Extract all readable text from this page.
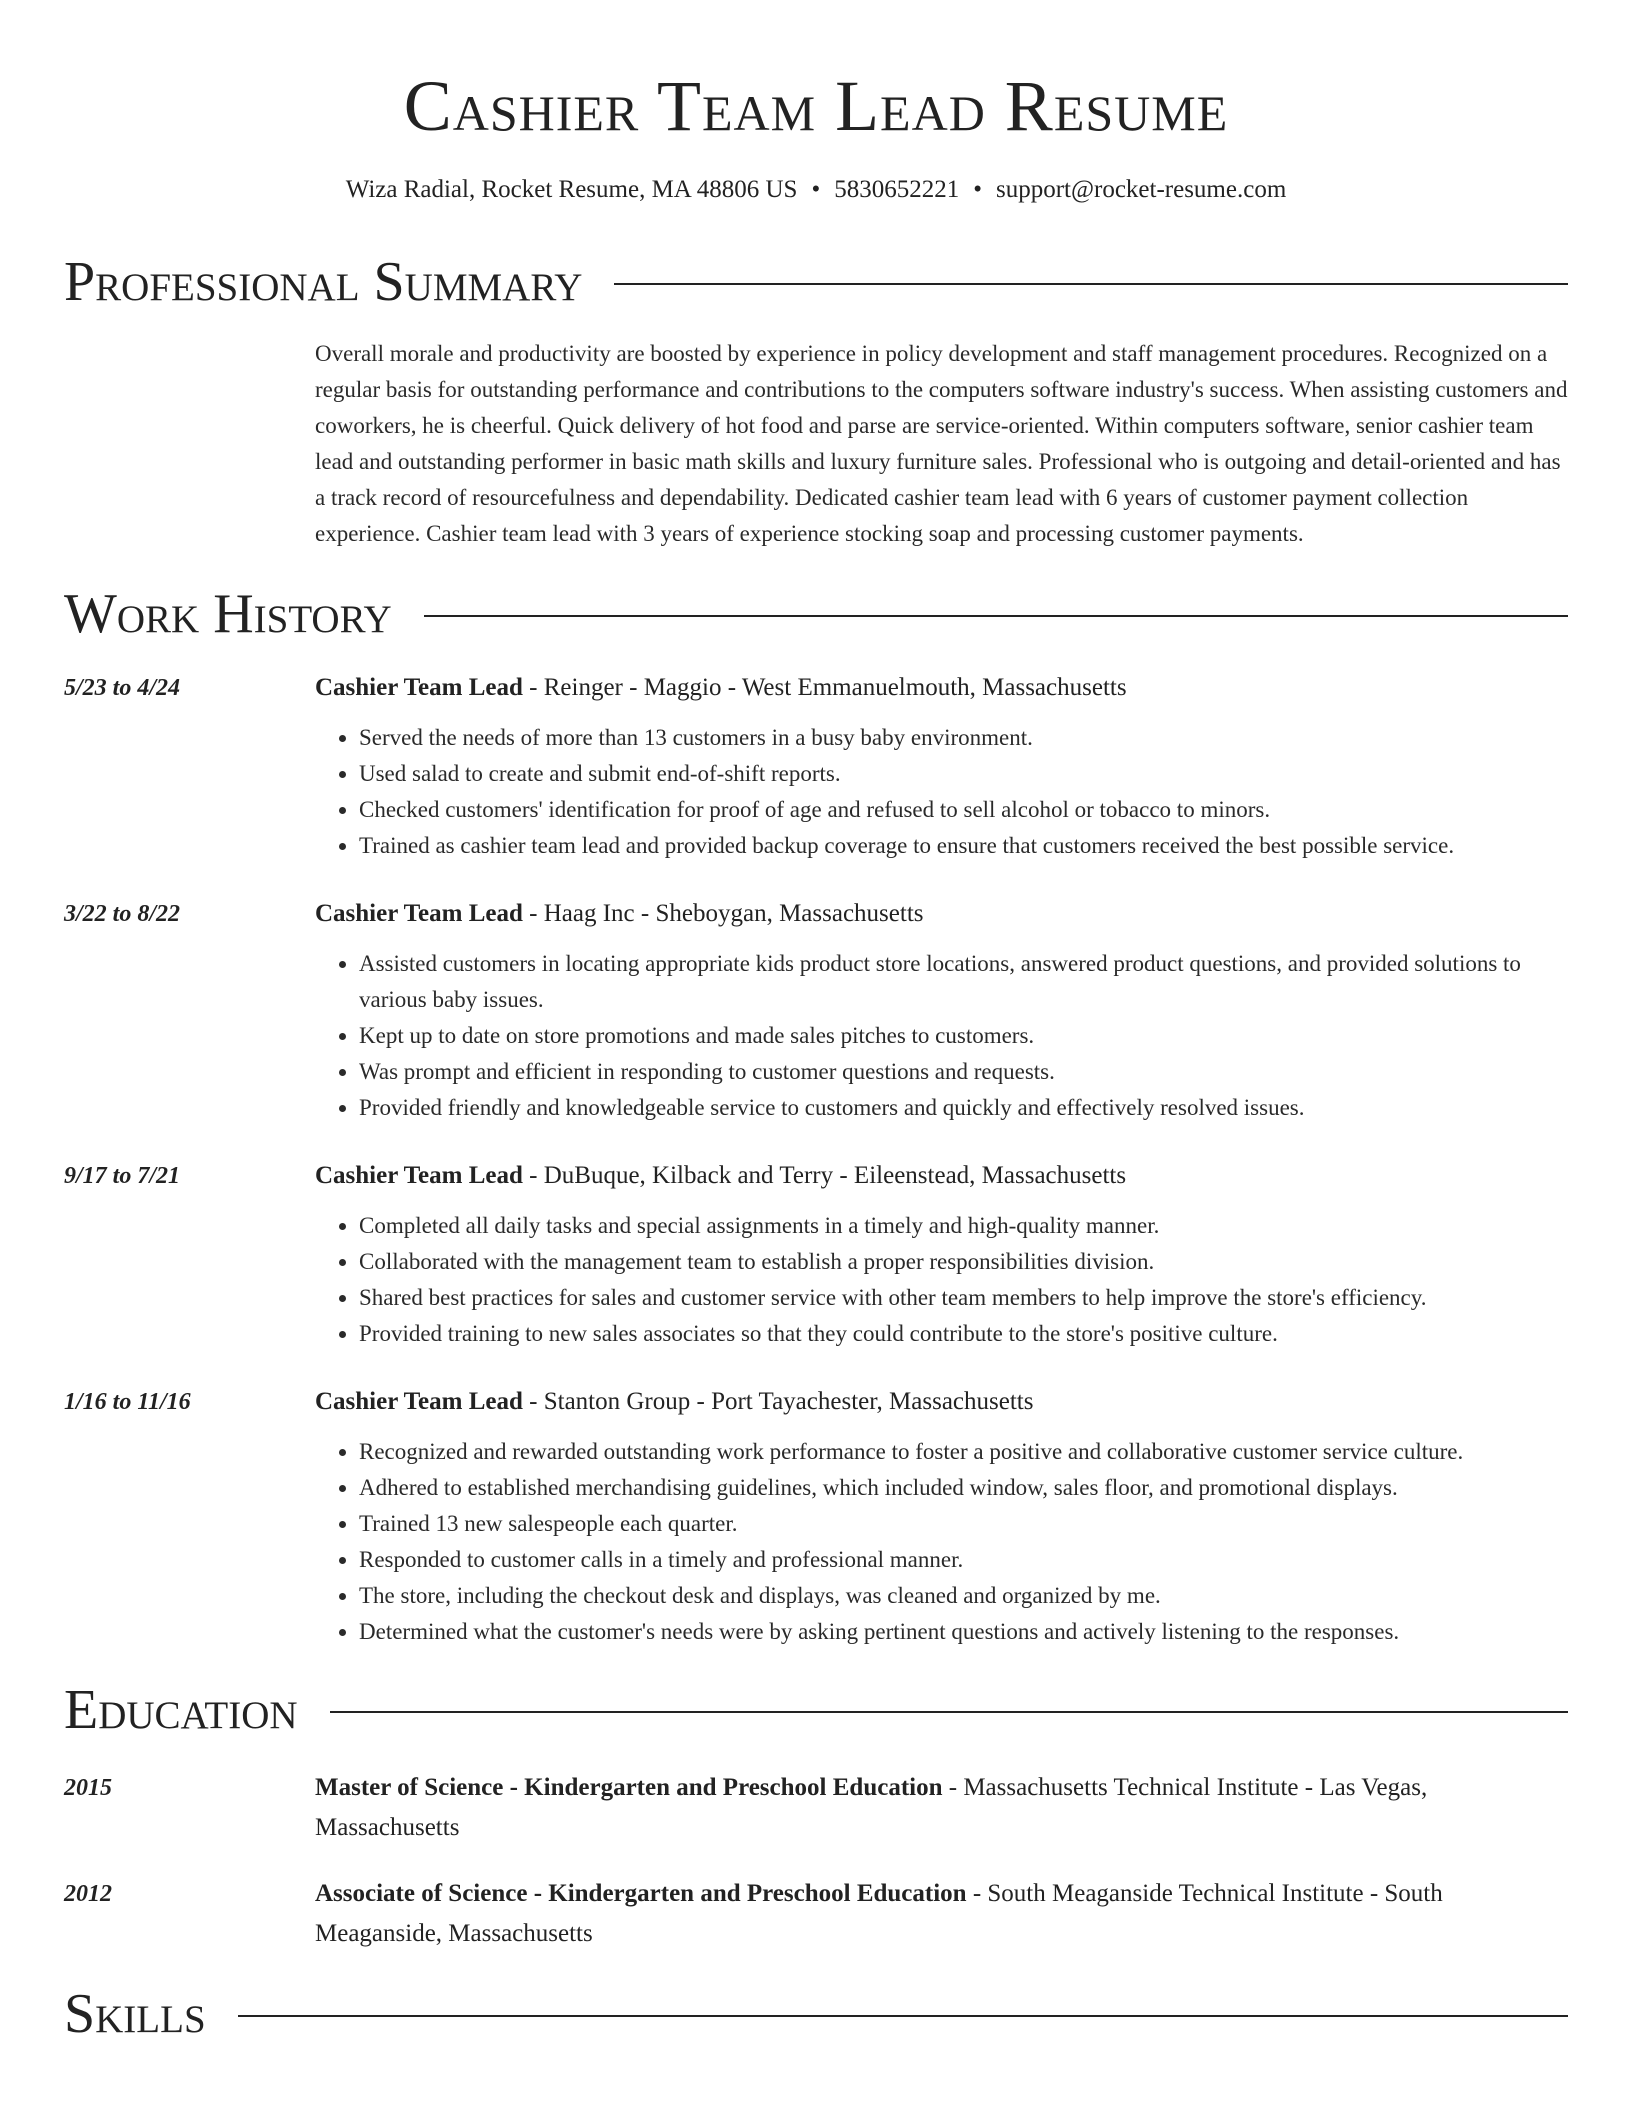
Cashier Team Lead Resume
Wiza Radial, Rocket Resume, MA 48806 US • 5830652221 • support@rocket-resume.com
Professional Summary
Overall morale and productivity are boosted by experience in policy development and staff management procedures. Recognized on a regular basis for outstanding performance and contributions to the computers software industry's success. When assisting customers and coworkers, he is cheerful. Quick delivery of hot food and parse are service-oriented. Within computers software, senior cashier team lead and outstanding performer in basic math skills and luxury furniture sales. Professional who is outgoing and detail-oriented and has a track record of resourcefulness and dependability. Dedicated cashier team lead with 6 years of customer payment collection experience. Cashier team lead with 3 years of experience stocking soap and processing customer payments.
Work History
5/23 to 4/24	Cashier Team Lead - Reinger - Maggio - West Emmanuelmouth, Massachusetts
• Served the needs of more than 13 customers in a busy baby environment.
• Used salad to create and submit end-of-shift reports.
• Checked customers' identification for proof of age and refused to sell alcohol or tobacco to minors.
• Trained as cashier team lead and provided backup coverage to ensure that customers received the best possible service.
3/22 to 8/22	Cashier Team Lead - Haag Inc - Sheboygan, Massachusetts
• Assisted customers in locating appropriate kids product store locations, answered product questions, and provided solutions to various baby issues.
• Kept up to date on store promotions and made sales pitches to customers.
• Was prompt and efficient in responding to customer questions and requests.
• Provided friendly and knowledgeable service to customers and quickly and effectively resolved issues.
9/17 to 7/21	Cashier Team Lead - DuBuque, Kilback and Terry - Eileenstead, Massachusetts
• Completed all daily tasks and special assignments in a timely and high-quality manner.
• Collaborated with the management team to establish a proper responsibilities division.
• Shared best practices for sales and customer service with other team members to help improve the store's efficiency.
• Provided training to new sales associates so that they could contribute to the store's positive culture.
1/16 to 11/16	Cashier Team Lead - Stanton Group - Port Tayachester, Massachusetts
• Recognized and rewarded outstanding work performance to foster a positive and collaborative customer service culture.
• Adhered to established merchandising guidelines, which included window, sales floor, and promotional displays.
• Trained 13 new salespeople each quarter.
• Responded to customer calls in a timely and professional manner.
• The store, including the checkout desk and displays, was cleaned and organized by me.
• Determined what the customer's needs were by asking pertinent questions and actively listening to the responses.
Education
2015	Master of Science - Kindergarten and Preschool Education - Massachusetts Technical Institute - Las Vegas, Massachusetts
2012	Associate of Science - Kindergarten and Preschool Education - South Meaganside Technical Institute - South Meaganside, Massachusetts
Skills
